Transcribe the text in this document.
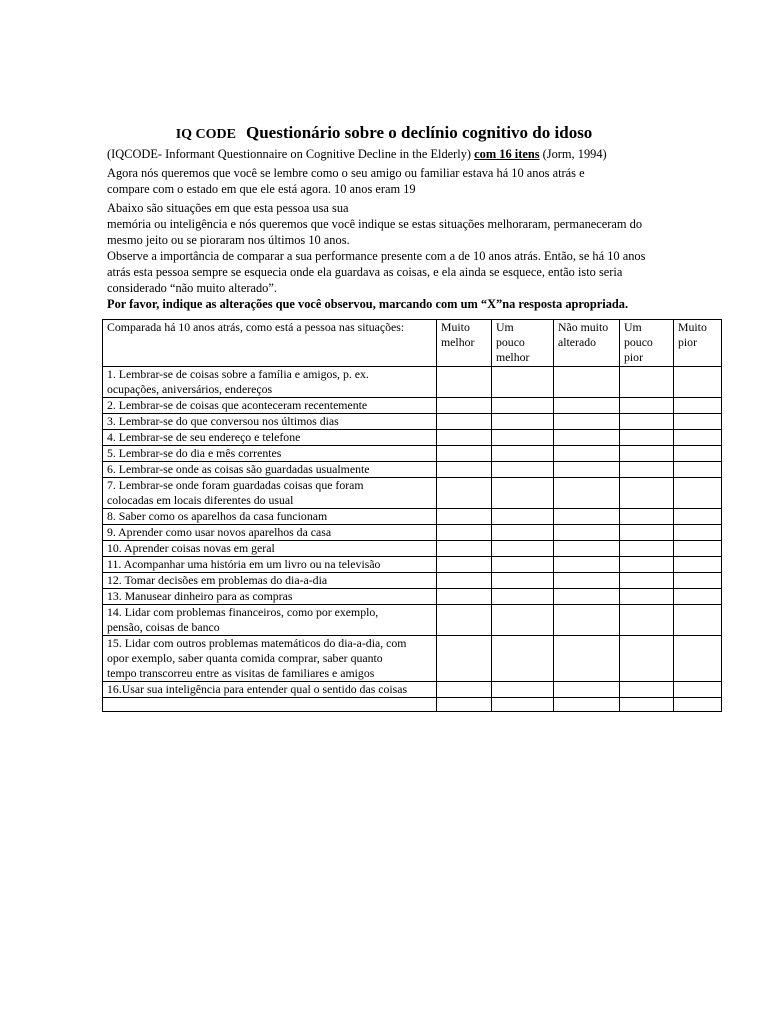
IQ CODE Questionário sobre o declínio cognitivo do idoso
(IQCODE- Informant Questionnaire on Cognitive Decline in the Elderly) com 16 itens (Jorm, 1994)
Agora nós queremos que você se lembre como o seu amigo ou familiar estava há 10 anos atrás e
compare com o estado em que ele está agora. 10 anos eram 19
Abaixo são situações em que esta pessoa usa sua
memória ou inteligência e nós queremos que você indique se estas situações melhoraram, permaneceram do
mesmo jeito ou se pioraram nos últimos 10 anos.
Observe a importância de comparar a sua performance presente com a de 10 anos atrás. Então, se há 10 anos
atrás esta pessoa sempre se esquecia onde ela guardava as coisas, e ela ainda se esquece, então isto seria
considerado “não muito alterado”.
Por favor, indique as alterações que você observou, marcando com um “X”na resposta apropriada.
Comparada há 10 anos atrás, como está a pessoa nas situações:	Muito
melhor	Um
pouco
melhor	Não muito
alterado	Um
pouco
pior	Muito
pior

1. Lembrar-se de coisas sobre a família e amigos, p. ex.
ocupações, aniversários, endereços					

2. Lembrar-se de coisas que aconteceram recentemente					

3. Lembrar-se do que conversou nos últimos dias					

4. Lembrar-se de seu endereço e telefone					

5. Lembrar-se do dia e mês correntes					

6. Lembrar-se onde as coisas são guardadas usualmente					

7. Lembrar-se onde foram guardadas coisas que foram
colocadas em locais diferentes do usual					

8. Saber como os aparelhos da casa funcionam					

9. Aprender como usar novos aparelhos da casa					

10. Aprender coisas novas em geral					

11. Acompanhar uma história em um livro ou na televisão					

12. Tomar decisões em problemas do dia-a-dia					

13. Manusear dinheiro para as compras					

14. Lidar com problemas financeiros, como por exemplo,
pensão, coisas de banco					

15. Lidar com outros problemas matemáticos do dia-a-dia, com
opor exemplo, saber quanta comida comprar, saber quanto
tempo transcorreu entre as visitas de familiares e amigos					

16.Usar sua inteligência para entender qual o sentido das coisas					
